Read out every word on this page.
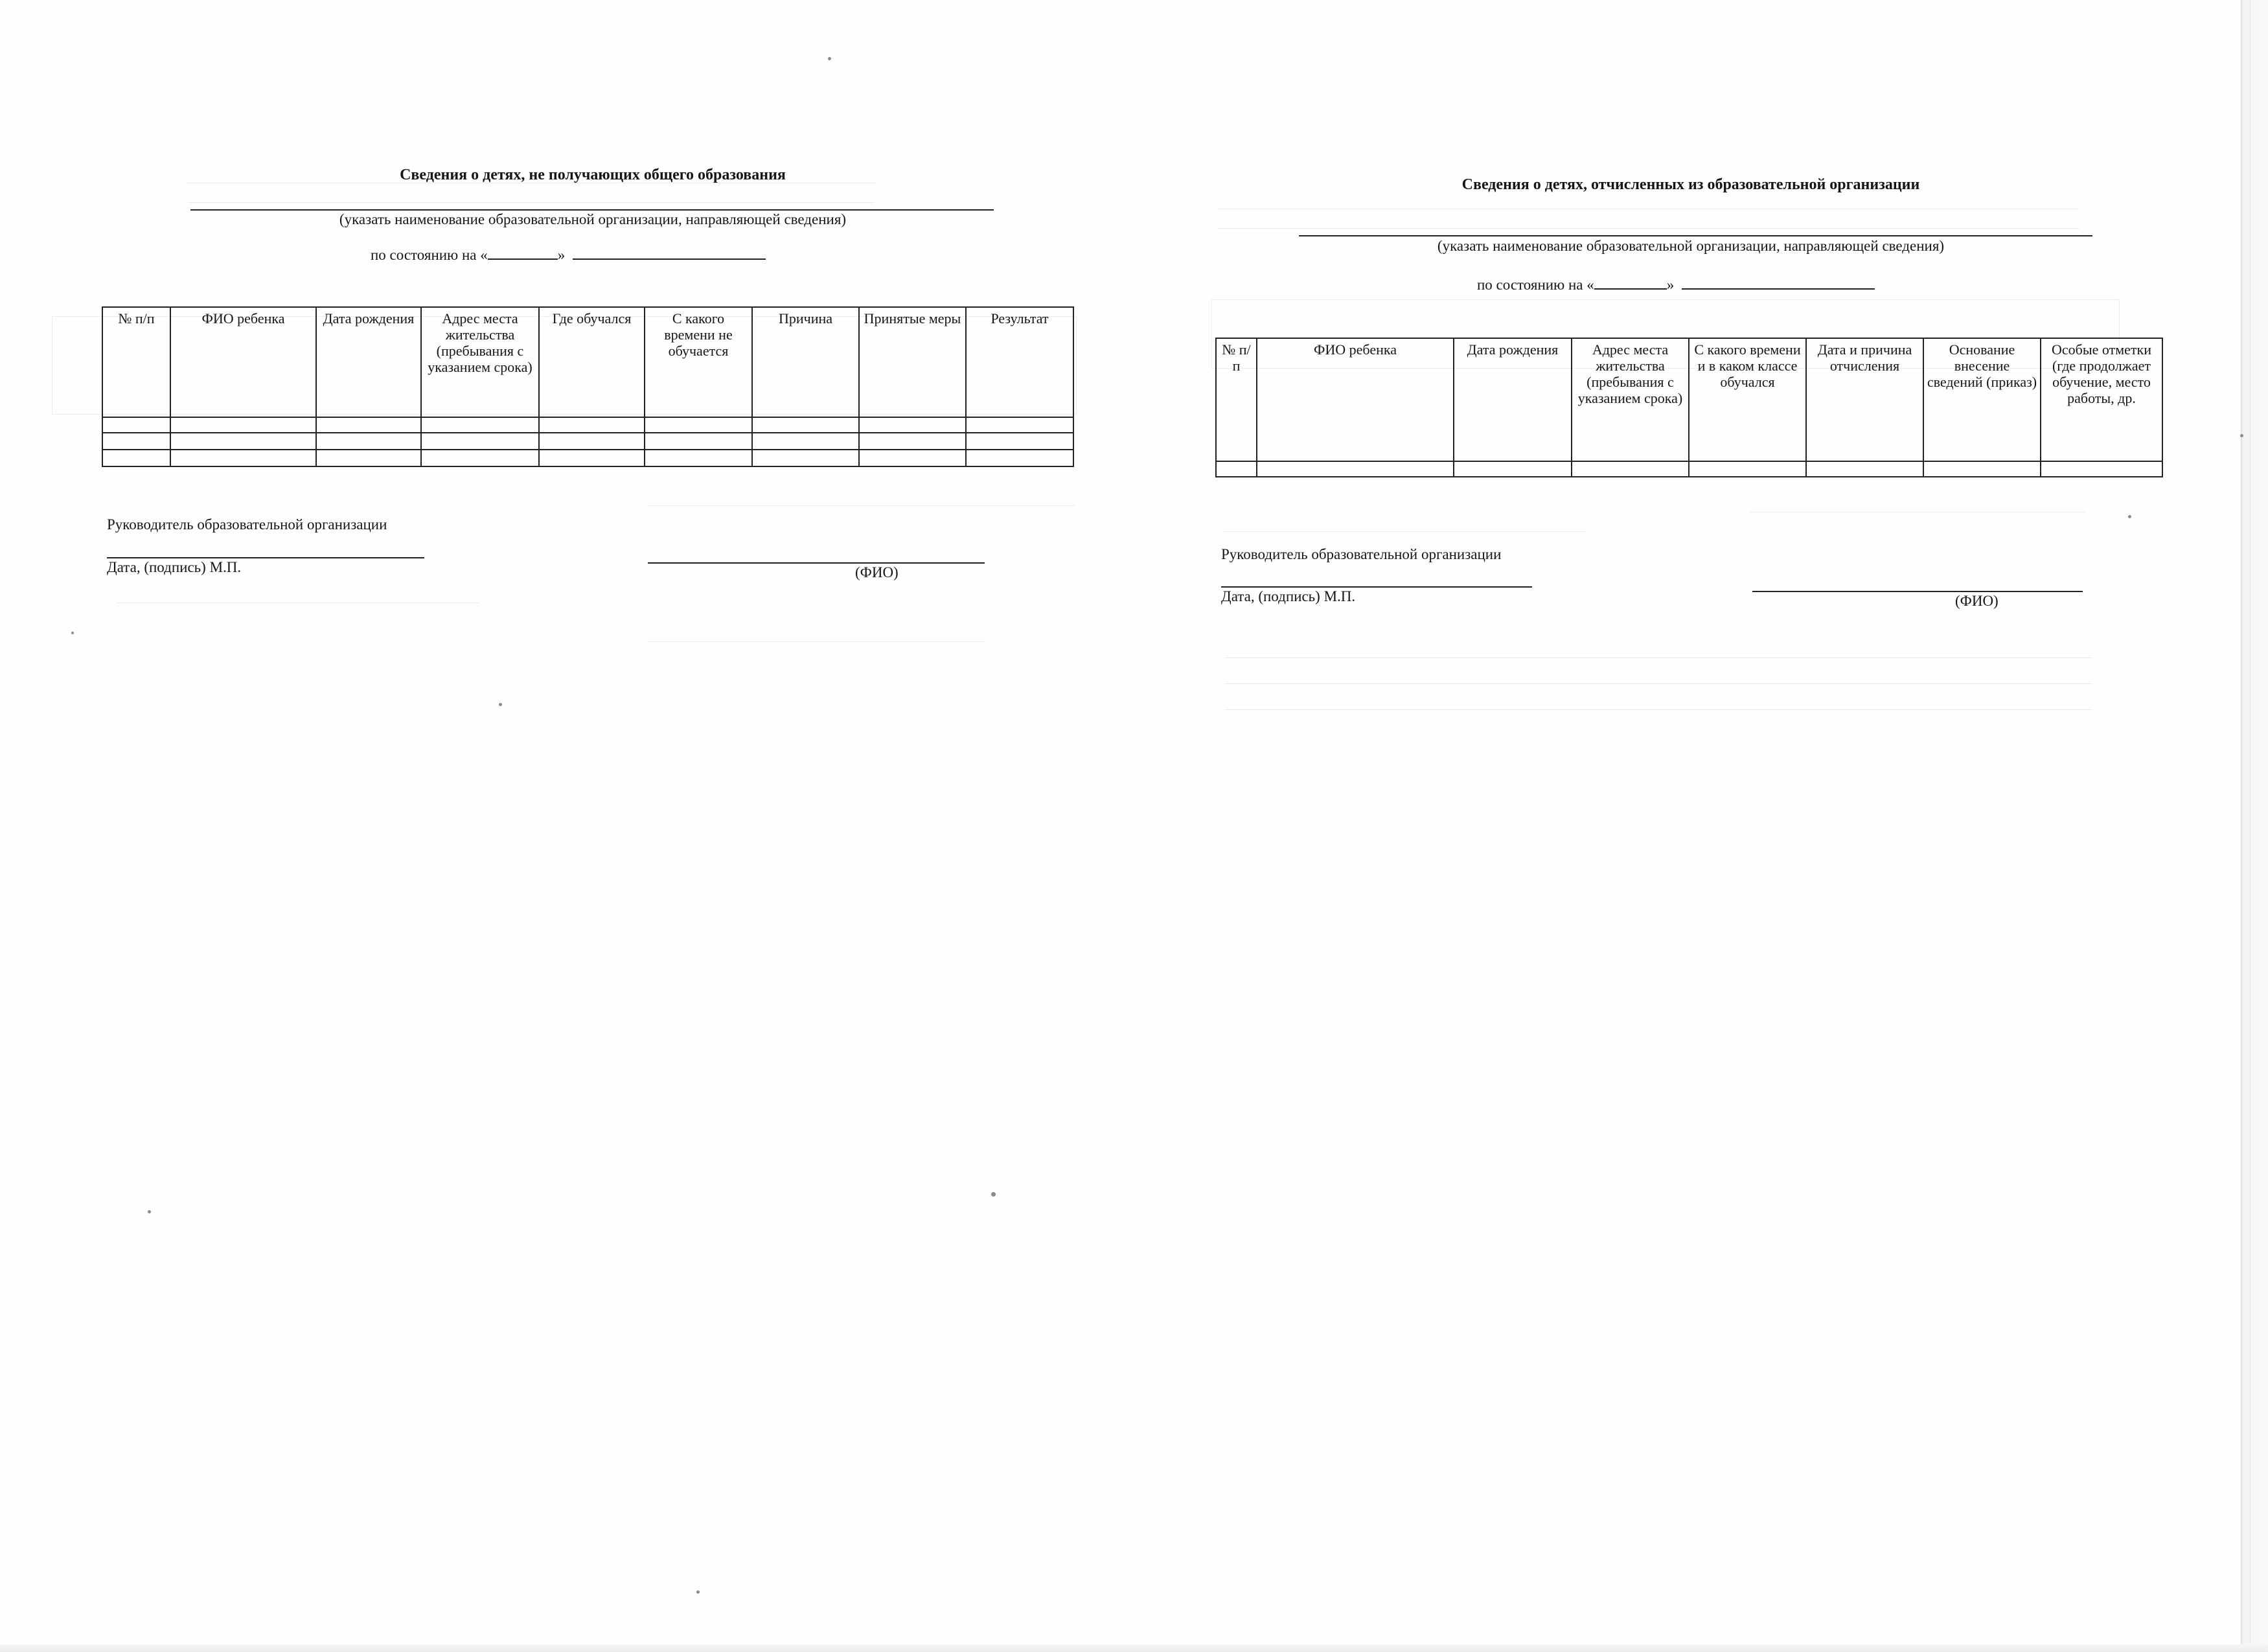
Сведения о детях, не получающих общего образования
(указать наименование образовательной организации, направляющей сведения)
по состоянию на «	»
№ п/п	ФИО ребенка	Дата рождения	Адрес места жительства (пребывания с указанием срока)	Где обучался	С какого времени не обучается	Причина	Принятые меры	Результат

Руководитель образовательной организации
Дата, (подпись) М.П.	(ФИО)
Сведения о детях, отчисленных из образовательной организации
(указать наименование образовательной организации, направляющей сведения)
по состоянию на «	»
№ п/п	ФИО ребенка	Дата рождения	Адрес места жительства (пребывания с указанием срока)	С какого времени и в каком классе обучался	Дата и причина отчисления	Основание внесение сведений (приказ)	Особые отметки (где продолжает обучение, место работы, др.

Руководитель образовательной организации
Дата, (подпись) М.П.	(ФИО)
